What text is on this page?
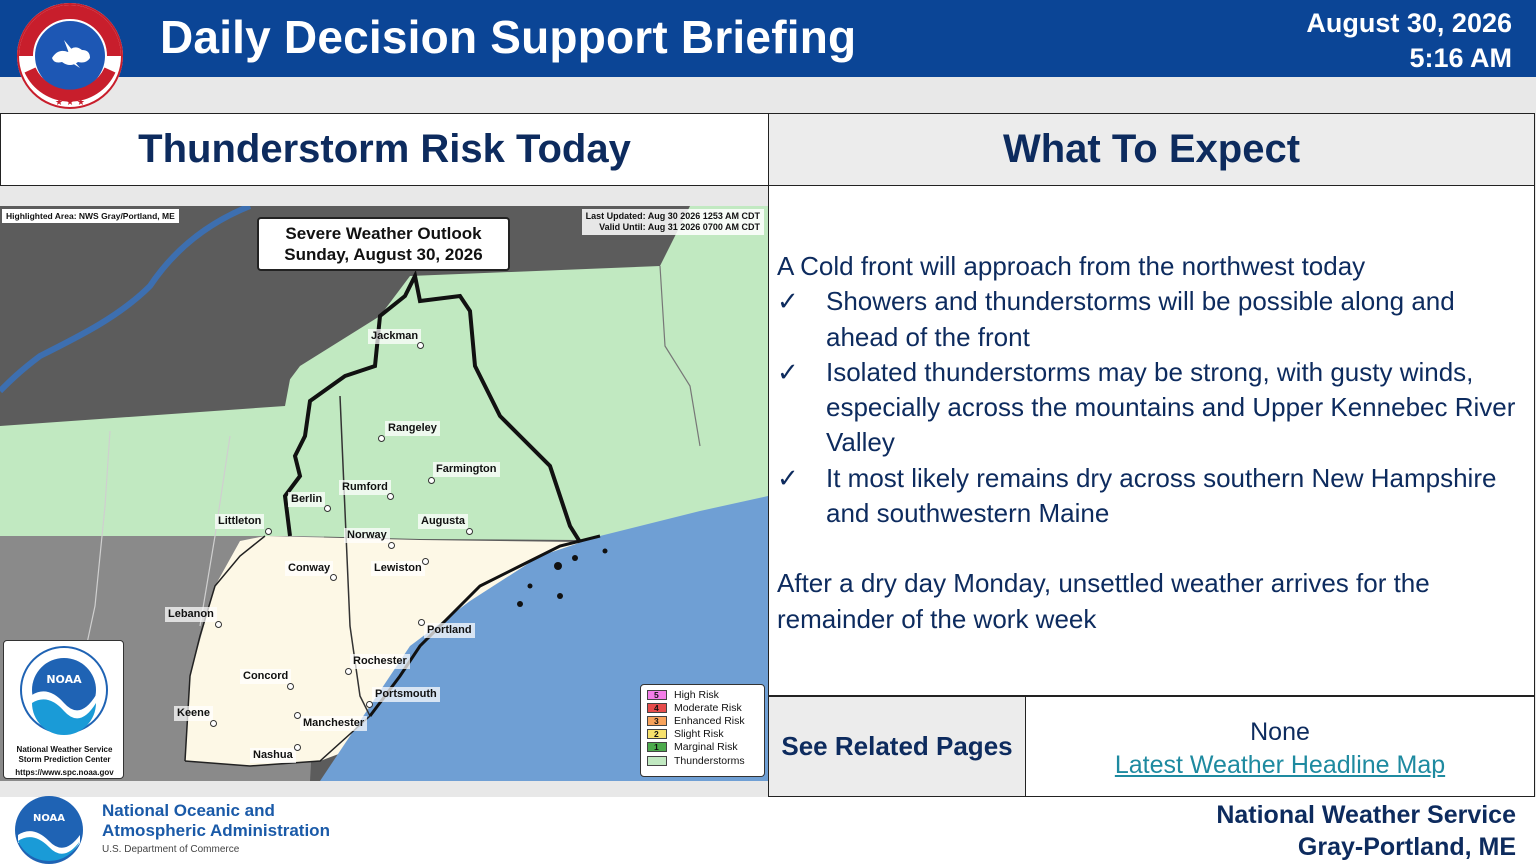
Daily Decision Support Briefing	August 30, 2026
5:16 AM
★ ★ ★
Thunderstorm Risk Today	What To Expect
Highlighted Area: NWS Gray/Portland, ME	Last Updated: Aug 30 2026 1253 AM CDT
Valid Until: Aug 31 2026 0700 AM CDT
Severe Weather Outlook
Sunday, August 30, 2026
Jackman
Rangeley
Farmington
Rumford
Berlin
Littleton	Augusta
Norway
Conway	Lewiston
Lebanon
Portland
Rochester
Concord
Portsmouth
Keene
Manchester
Nashua
NOAA
National Weather Service
Storm Prediction Center
https://www.spc.noaa.gov
5	High Risk
4	Moderate Risk
3	Enhanced Risk
2	Slight Risk
1	Marginal Risk
Thunderstorms
A Cold front will approach from the northwest today
✓	Showers and thunderstorms will be possible along and ahead of the front
✓	Isolated thunderstorms may be strong, with gusty winds, especially across the mountains and Upper Kennebec River Valley
✓	It most likely remains dry across southern New Hampshire and southwestern Maine
After a dry day Monday, unsettled weather arrives for the remainder of the work week
See Related Pages	None
Latest Weather Headline Map
NOAA National Oceanic and
Atmospheric Administration
U.S. Department of Commerce
National Weather Service
Gray-Portland, ME
